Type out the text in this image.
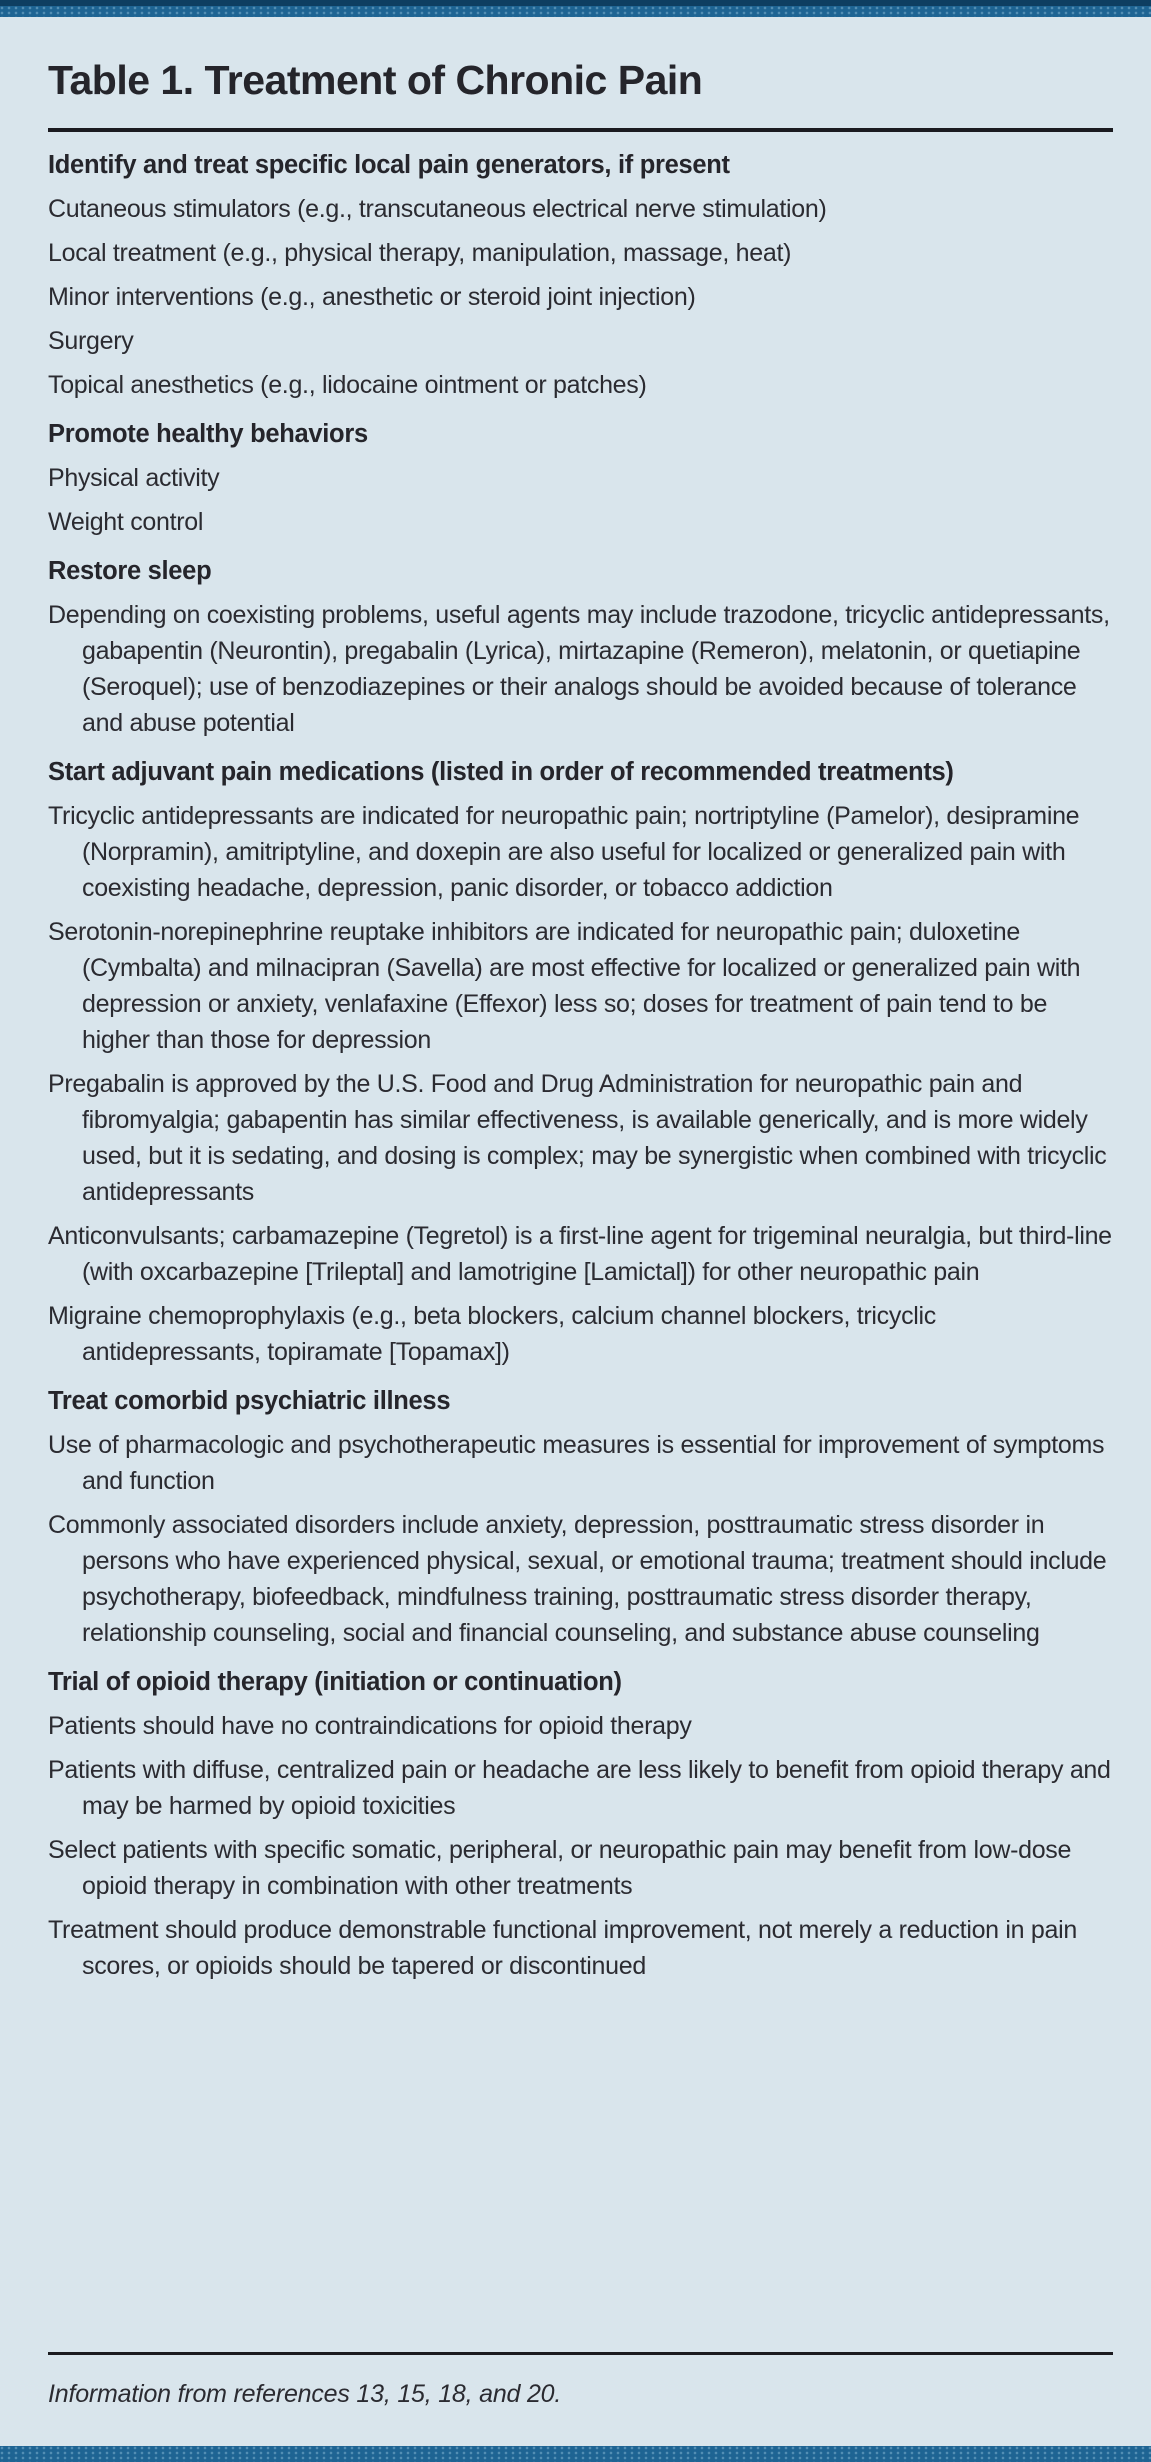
Table 1. Treatment of Chronic Pain
Identify and treat specific local pain generators, if present

Cutaneous stimulators (e.g., transcutaneous electrical nerve stimulation)

Local treatment (e.g., physical therapy, manipulation, massage, heat)

Minor interventions (e.g., anesthetic or steroid joint injection)

Surgery

Topical anesthetics (e.g., lidocaine ointment or patches)

Promote healthy behaviors

Physical activity

Weight control

Restore sleep

Depending on coexisting problems, useful agents may include trazodone, tricyclic antidepressants, gabapentin (Neurontin), pregabalin (Lyrica), mirtazapine (Remeron), melatonin, or quetiapine (Seroquel); use of benzodiazepines or their analogs should be avoided because of tolerance and abuse potential

Start adjuvant pain medications (listed in order of recommended treatments)

Tricyclic antidepressants are indicated for neuropathic pain; nortriptyline (Pamelor), desipramine (Norpramin), amitriptyline, and doxepin are also useful for localized or generalized pain with coexisting headache, depression, panic disorder, or tobacco addiction

Serotonin-norepinephrine reuptake inhibitors are indicated for neuropathic pain; duloxetine (Cymbalta) and milnacipran (Savella) are most effective for localized or generalized pain with depression or anxiety, venlafaxine (Effexor) less so; doses for treatment of pain tend to be higher than those for depression

Pregabalin is approved by the U.S. Food and Drug Administration for neuropathic pain and fibromyalgia; gabapentin has similar effectiveness, is available generically, and is more widely used, but it is sedating, and dosing is complex; may be synergistic when combined with tricyclic antidepressants

Anticonvulsants; carbamazepine (Tegretol) is a first-line agent for trigeminal neuralgia, but third-line (with oxcarbazepine [Trileptal] and lamotrigine [Lamictal]) for other neuropathic pain

Migraine chemoprophylaxis (e.g., beta blockers, calcium channel blockers, tricyclic antidepressants, topiramate [Topamax])

Treat comorbid psychiatric illness

Use of pharmacologic and psychotherapeutic measures is essential for improvement of symptoms and function

Commonly associated disorders include anxiety, depression, posttraumatic stress disorder in persons who have experienced physical, sexual, or emotional trauma; treatment should include psychotherapy, biofeedback, mindfulness training, posttraumatic stress disorder therapy, relationship counseling, social and financial counseling, and substance abuse counseling

Trial of opioid therapy (initiation or continuation)

Patients should have no contraindications for opioid therapy

Patients with diffuse, centralized pain or headache are less likely to benefit from opioid therapy and may be harmed by opioid toxicities

Select patients with specific somatic, peripheral, or neuropathic pain may benefit from low-dose opioid therapy in combination with other treatments

Treatment should produce demonstrable functional improvement, not merely a reduction in pain scores, or opioids should be tapered or discontinued

Information from references 13, 15, 18, and 20.
